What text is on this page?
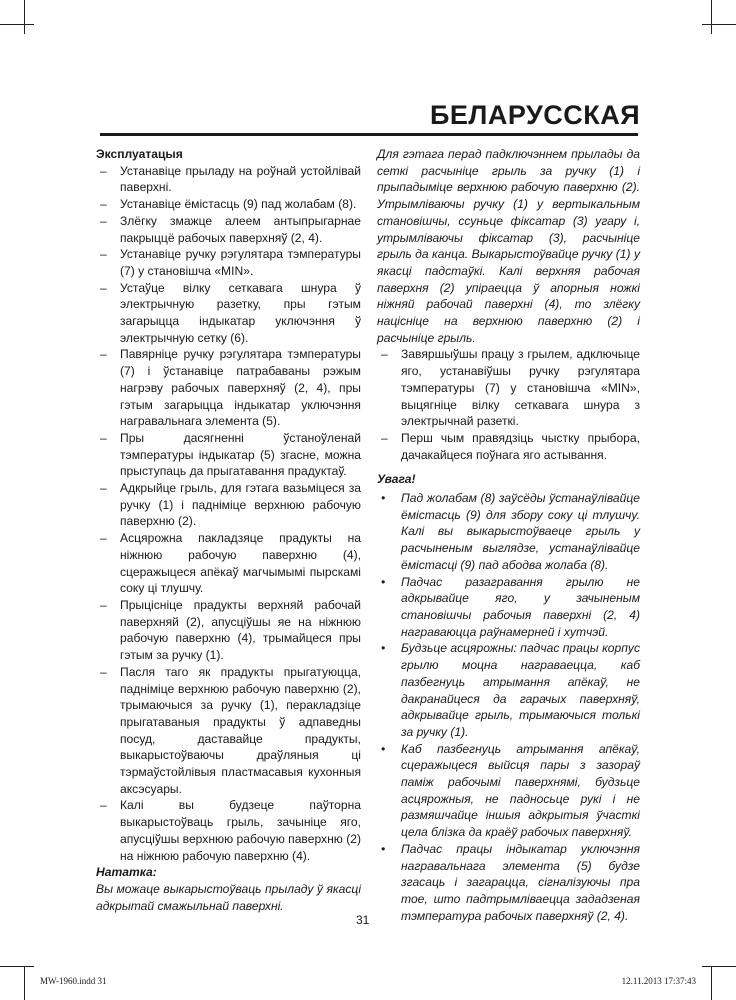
БЕЛАРУССКАЯ

Эксплуатацыя

– Устанавіце прыладу на роўнай устойлівай паверхні.
– Устанавіце ёмістасць (9) пад жолабам (8).
– Злёгку змажце алеем антыпрыгарнае пакрыццё рабочых паверхняў (2, 4).
– Устанавіце ручку рэгулятара тэмпературы (7) у становішча «MIN».
– Устаўце вілку сеткавага шнура ў электрычную разетку, пры гэтым загарыцца індыкатар уключэння ў электрычную сетку (6).
– Павярніце ручку рэгулятара тэмпературы (7) і ўстанавіце патрабаваны рэжым нагрэву рабочых паверхняў (2, 4), пры гэтым загарыцца індыкатар уключэння награвальнага элемента (5).
– Пры дасягненні ўстаноўленай тэмпературы індыкатар (5) згасне, можна прыступаць да прыгатавання прадуктаў.
– Адкрыйце грыль, для гэтага вазьміцеся за ручку (1) і падніміце верхнюю рабочую паверхню (2).
– Асцярожна пакладзяце прадукты на ніжнюю рабочую паверхню (4), сцеражыцеся апёкаў магчымымі пырскамі соку ці тлушчу.
– Прыцісніце прадукты верхняй рабочай паверхняй (2), апусціўшы яе на ніжнюю рабочую паверхню (4), трымайцеся пры гэтым за ручку (1).
– Пасля таго як прадукты прыгатуюцца, падніміце верхнюю рабочую паверхню (2), трымаючыся за ручку (1), перакладзіце прыгатаваныя прадукты ў адпаведны посуд, даставайце прадукты, выкарыстоўваючы драўляныя ці тэрмаўстойлівыя пластмасавыя кухонныя аксэсуары.
– Калі вы будзеце паўторна выкарыстоўваць грыль, зачыніце яго, апусціўшы верхнюю рабочую паверхню (2) на ніжнюю рабочую паверхню (4).

Нататка:

Вы можаце выкарыстоўваць прыладу ў якасці адкрытай смажыльнай паверхні.

Для гэтага перад падключэннем прылады да сеткі расчыніце грыль за ручку (1) і прыпадыміце верхнюю рабочую паверхню (2). Утрымліваючы ручку (1) у вертыкальным становішчы, ссуньце фіксатар (3) угару і, утрымліваючы фіксатар (3), расчыніце грыль да канца. Выкарыстоўвайце ручку (1) у якасці падстаўкі. Калі верхняя рабочая паверхня (2) упіраецца ў апорныя ножкі ніжняй рабочай паверхні (4), то злёгку націсніце на верхнюю паверхню (2) і расчыніце грыль.

– Завяршыўшы працу з грылем, адключыце яго, устанавіўшы ручку рэгулятара тэмпературы (7) у становішча «MIN», выцягніце вілку сеткавага шнура з электрычнай разеткі.
– Перш чым правядзіць чыстку прыбора, дачакайцеся поўнага яго астывання.

Увага!

• Пад жолабам (8) заўсёды ўстанаўлівайце ёмістасць (9) для збору соку ці тлушчу. Калі вы выкарыстоўваеце грыль у расчыненым выглядзе, устанаўлівайце ёмістасці (9) пад абодва жолаба (8).
• Падчас разагравання грылю не адкрывайце яго, у зачыненым становішчы рабочыя паверхні (2, 4) награваюцца раўнамерней і хутчэй.
• Будзьце асцярожны: падчас працы корпус грылю моцна награваецца, каб пазбегнуць атрымання апёкаў, не дакранайцеся да гарачых паверхняў, адкрывайце грыль, трымаючыся толькі за ручку (1).
• Каб пазбегнуць атрымання апёкаў, сцеражыцеся выйсця пары з зазораў паміж рабочымі паверхнямі, будзьце асцярожныя, не падносьце рукі і не размяшчайце іншыя адкрытыя ўчасткі цела блізка да краёў рабочых паверхняў.
• Падчас працы індыкатар уключэння награвальнага элемента (5) будзе згасаць і загарацца, сігналізуючы пра тое, што падтрымліваецца зададзеная тэмпература рабочых паверхняў (2, 4).
31
MW-1960.indd 31	12.11.2013 17:37:43
